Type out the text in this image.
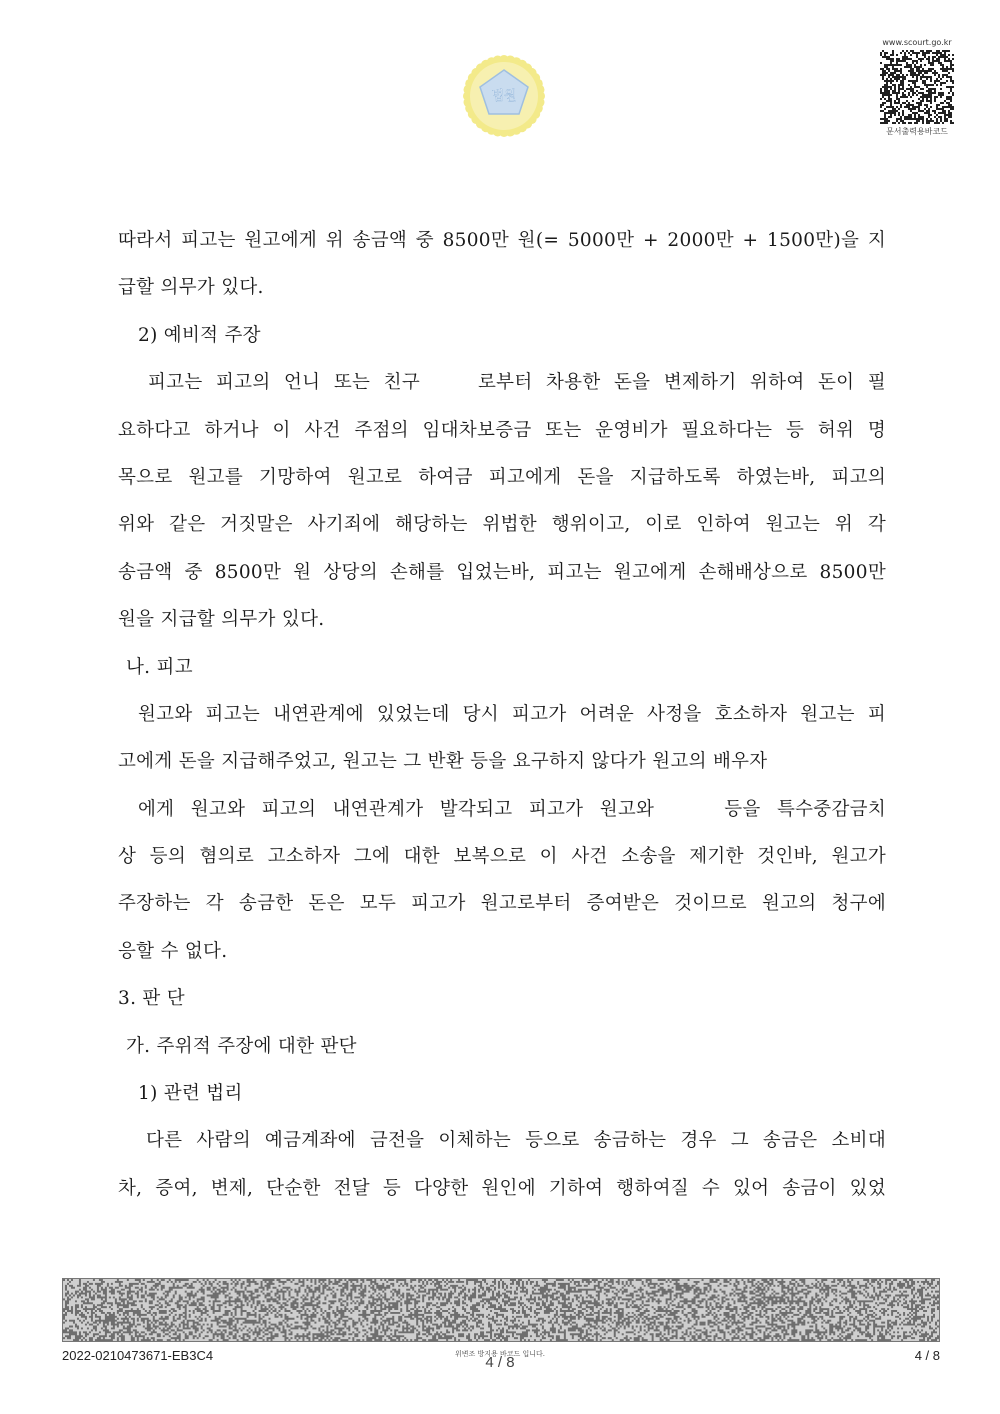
법원
www.scourt.go.kr
문서출력용바코드
따라서 피고는 원고에게 위 송금액 중 8500만 원(= 5000만 + 2000만 + 1500만)을 지
급할 의무가 있다.
2) 예비적 주장
피고는 피고의 언니 또는 친구	로부터 차용한 돈을 변제하기 위하여 돈이 필
요하다고 하거나 이 사건 주점의 임대차보증금 또는 운영비가 필요하다는 등 허위 명
목으로 원고를 기망하여 원고로 하여금 피고에게 돈을 지급하도록 하였는바, 피고의
위와 같은 거짓말은 사기죄에 해당하는 위법한 행위이고, 이로 인하여 원고는 위 각
송금액 중 8500만 원 상당의 손해를 입었는바, 피고는 원고에게 손해배상으로 8500만
원을 지급할 의무가 있다.
나. 피고
원고와 피고는 내연관계에 있었는데 당시 피고가 어려운 사정을 호소하자 원고는 피
고에게 돈을 지급해주었고, 원고는 그 반환 등을 요구하지 않다가 원고의 배우자
에게 원고와 피고의 내연관계가 발각되고 피고가 원고와	등을 특수중감금치
상 등의 혐의로 고소하자 그에 대한 보복으로 이 사건 소송을 제기한 것인바, 원고가
주장하는 각 송금한 돈은 모두 피고가 원고로부터 증여받은 것이므로 원고의 청구에
응할 수 없다.
3. 판 단
가. 주위적 주장에 대한 판단
1) 관련 법리
다른 사람의 예금계좌에 금전을 이체하는 등으로 송금하는 경우 그 송금은 소비대
차, 증여, 변제, 단순한 전달 등 다양한 원인에 기하여 행하여질 수 있어 송금이 있었
2022-0210473671-EB3C4	위변조 방지용 바코드 입니다.
4 / 8	4 / 8
